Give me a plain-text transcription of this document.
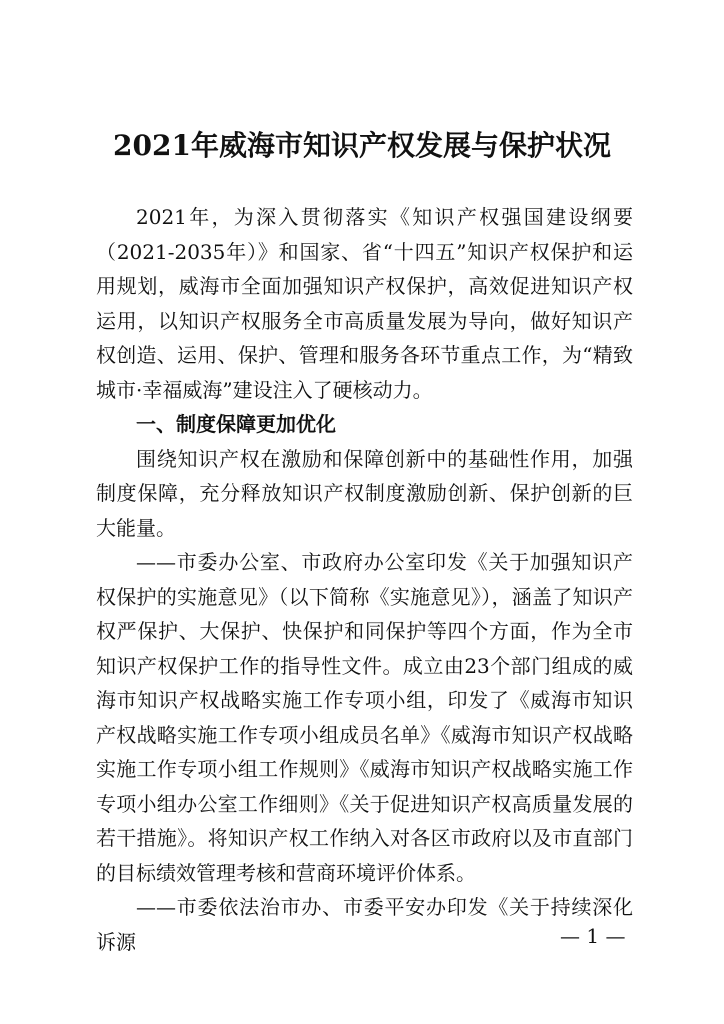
2021年威海市知识产权发展与保护状况

2021年，为深入贯彻落实《知识产权强国建设纲要（2021-2035年）》和国家、省“十四五”知识产权保护和运用规划，威海市全面加强知识产权保护，高效促进知识产权运用，以知识产权服务全市高质量发展为导向，做好知识产权创造、运用、保护、管理和服务各环节重点工作，为“精致城市·幸福威海”建设注入了硬核动力。

一、制度保障更加优化

围绕知识产权在激励和保障创新中的基础性作用，加强制度保障，充分释放知识产权制度激励创新、保护创新的巨大能量。

——市委办公室、市政府办公室印发《关于加强知识产权保护的实施意见》（以下简称《实施意见》），涵盖了知识产权严保护、大保护、快保护和同保护等四个方面，作为全市知识产权保护工作的指导性文件。成立由23个部门组成的威海市知识产权战略实施工作专项小组，印发了《威海市知识产权战略实施工作专项小组成员名单》《威海市知识产权战略实施工作专项小组工作规则》《威海市知识产权战略实施工作专项小组办公室工作细则》《关于促进知识产权高质量发展的若干措施》。将知识产权工作纳入对各区市政府以及市直部门的目标绩效管理考核和营商环境评价体系。

——市委依法治市办、市委平安办印发《关于持续深化诉源	— 1 —
